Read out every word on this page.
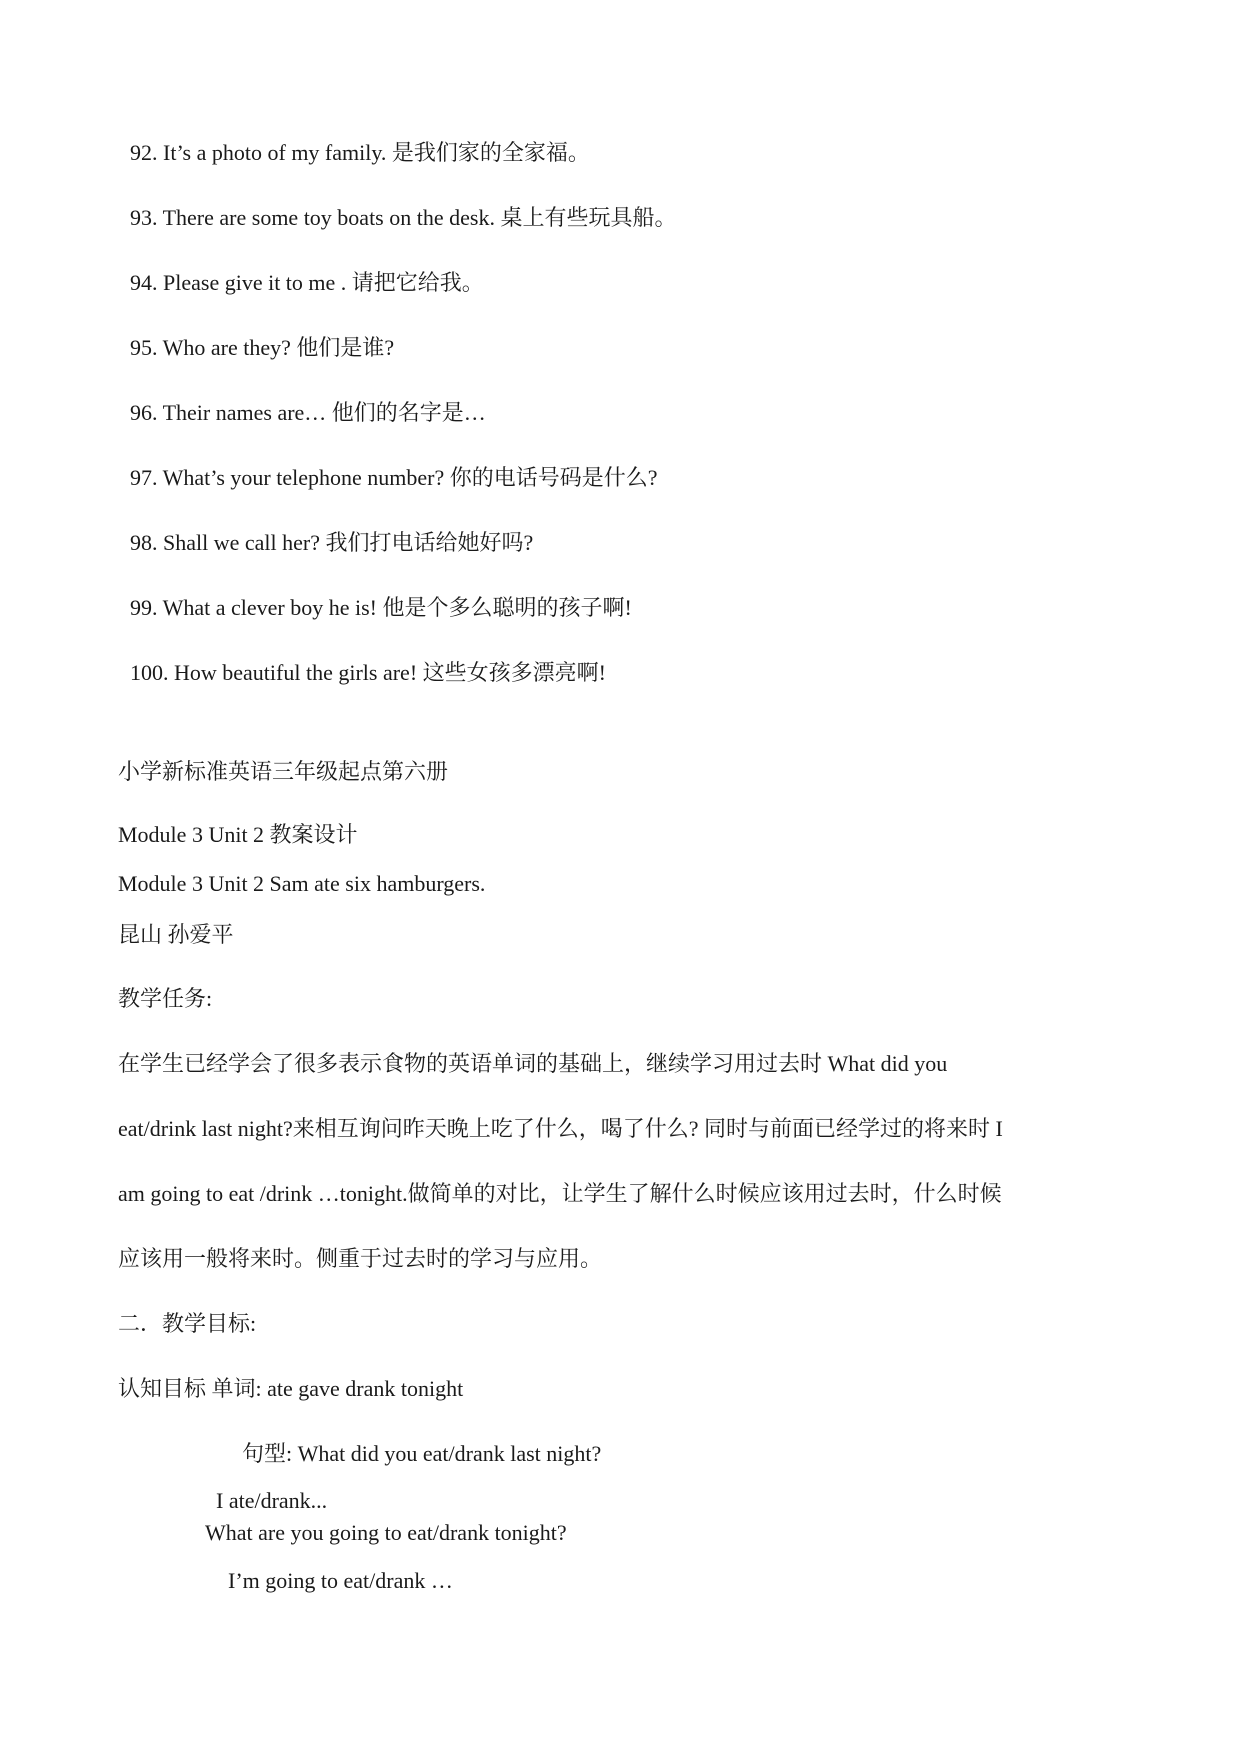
92. It’s a photo of my family. 是我们家的全家福。
93. There are some toy boats on the desk. 桌上有些玩具船。
94. Please give it to me . 请把它给我。
95. Who are they? 他们是谁?
96. Their names are… 他们的名字是…
97. What’s your telephone number? 你的电话号码是什么?
98. Shall we call her? 我们打电话给她好吗?
99. What a clever boy he is! 他是个多么聪明的孩子啊!
100. How beautiful the girls are! 这些女孩多漂亮啊!
小学新标准英语三年级起点第六册
Module 3 Unit 2 教案设计
Module 3 Unit 2 Sam ate six hamburgers.
昆山 孙爱平
教学任务:
在学生已经学会了很多表示食物的英语单词的基础上，继续学习用过去时 What did you
eat/drink last night?来相互询问昨天晚上吃了什么，喝了什么? 同时与前面已经学过的将来时 I
am going to eat /drink …tonight.做简单的对比，让学生了解什么时候应该用过去时，什么时候
应该用一般将来时。侧重于过去时的学习与应用。
二．教学目标:
认知目标 单词: ate gave drank tonight
句型: What did you eat/drank last night?
I ate/drank...
What are you going to eat/drank tonight?
I’m going to eat/drank …
